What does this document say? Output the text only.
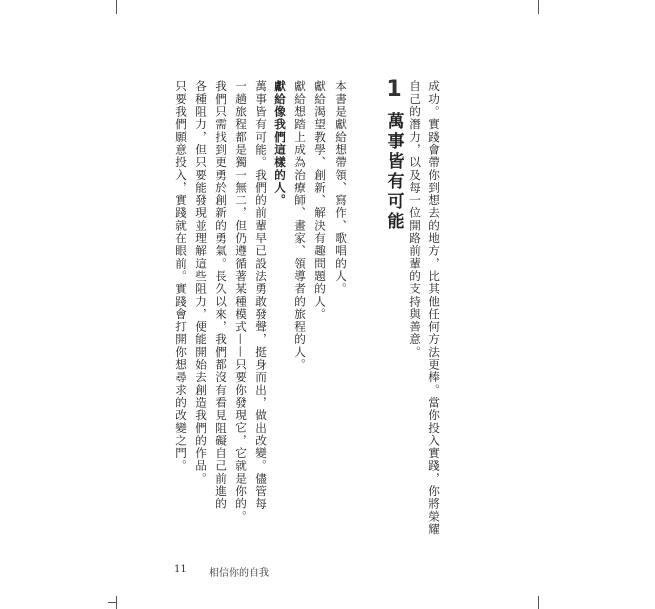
1
萬事皆有可能	成功。實踐會帶你到想去的地方，比其他任何方法更棒。當你投入實踐，你將榮耀
自己的潛力，以及每一位開路前輩的支持與善意。
本書是獻給想帶領、寫作、歌唱的人。
獻給渴望教學、創新、解決有趣問題的人。
獻給想踏上成為治療師、畫家、領導者的旅程的人。
獻給像我們這樣的人。
萬事皆有可能。我們的前輩早已設法勇敢發聲，挺身而出，做出改變。儘管每
一趟旅程都是獨一無二，但仍遵循著某種模式——只要你發現它，它就是你的。
我們只需找到更勇於創新的勇氣。長久以來，我們都沒有看見阻礙自己前進的
各種阻力，但只要能發現並理解這些阻力，便能開始去創造我們的作品。
只要我們願意投入，實踐就在眼前。實踐會打開你想尋求的改變之門。
11 相信你的自我
